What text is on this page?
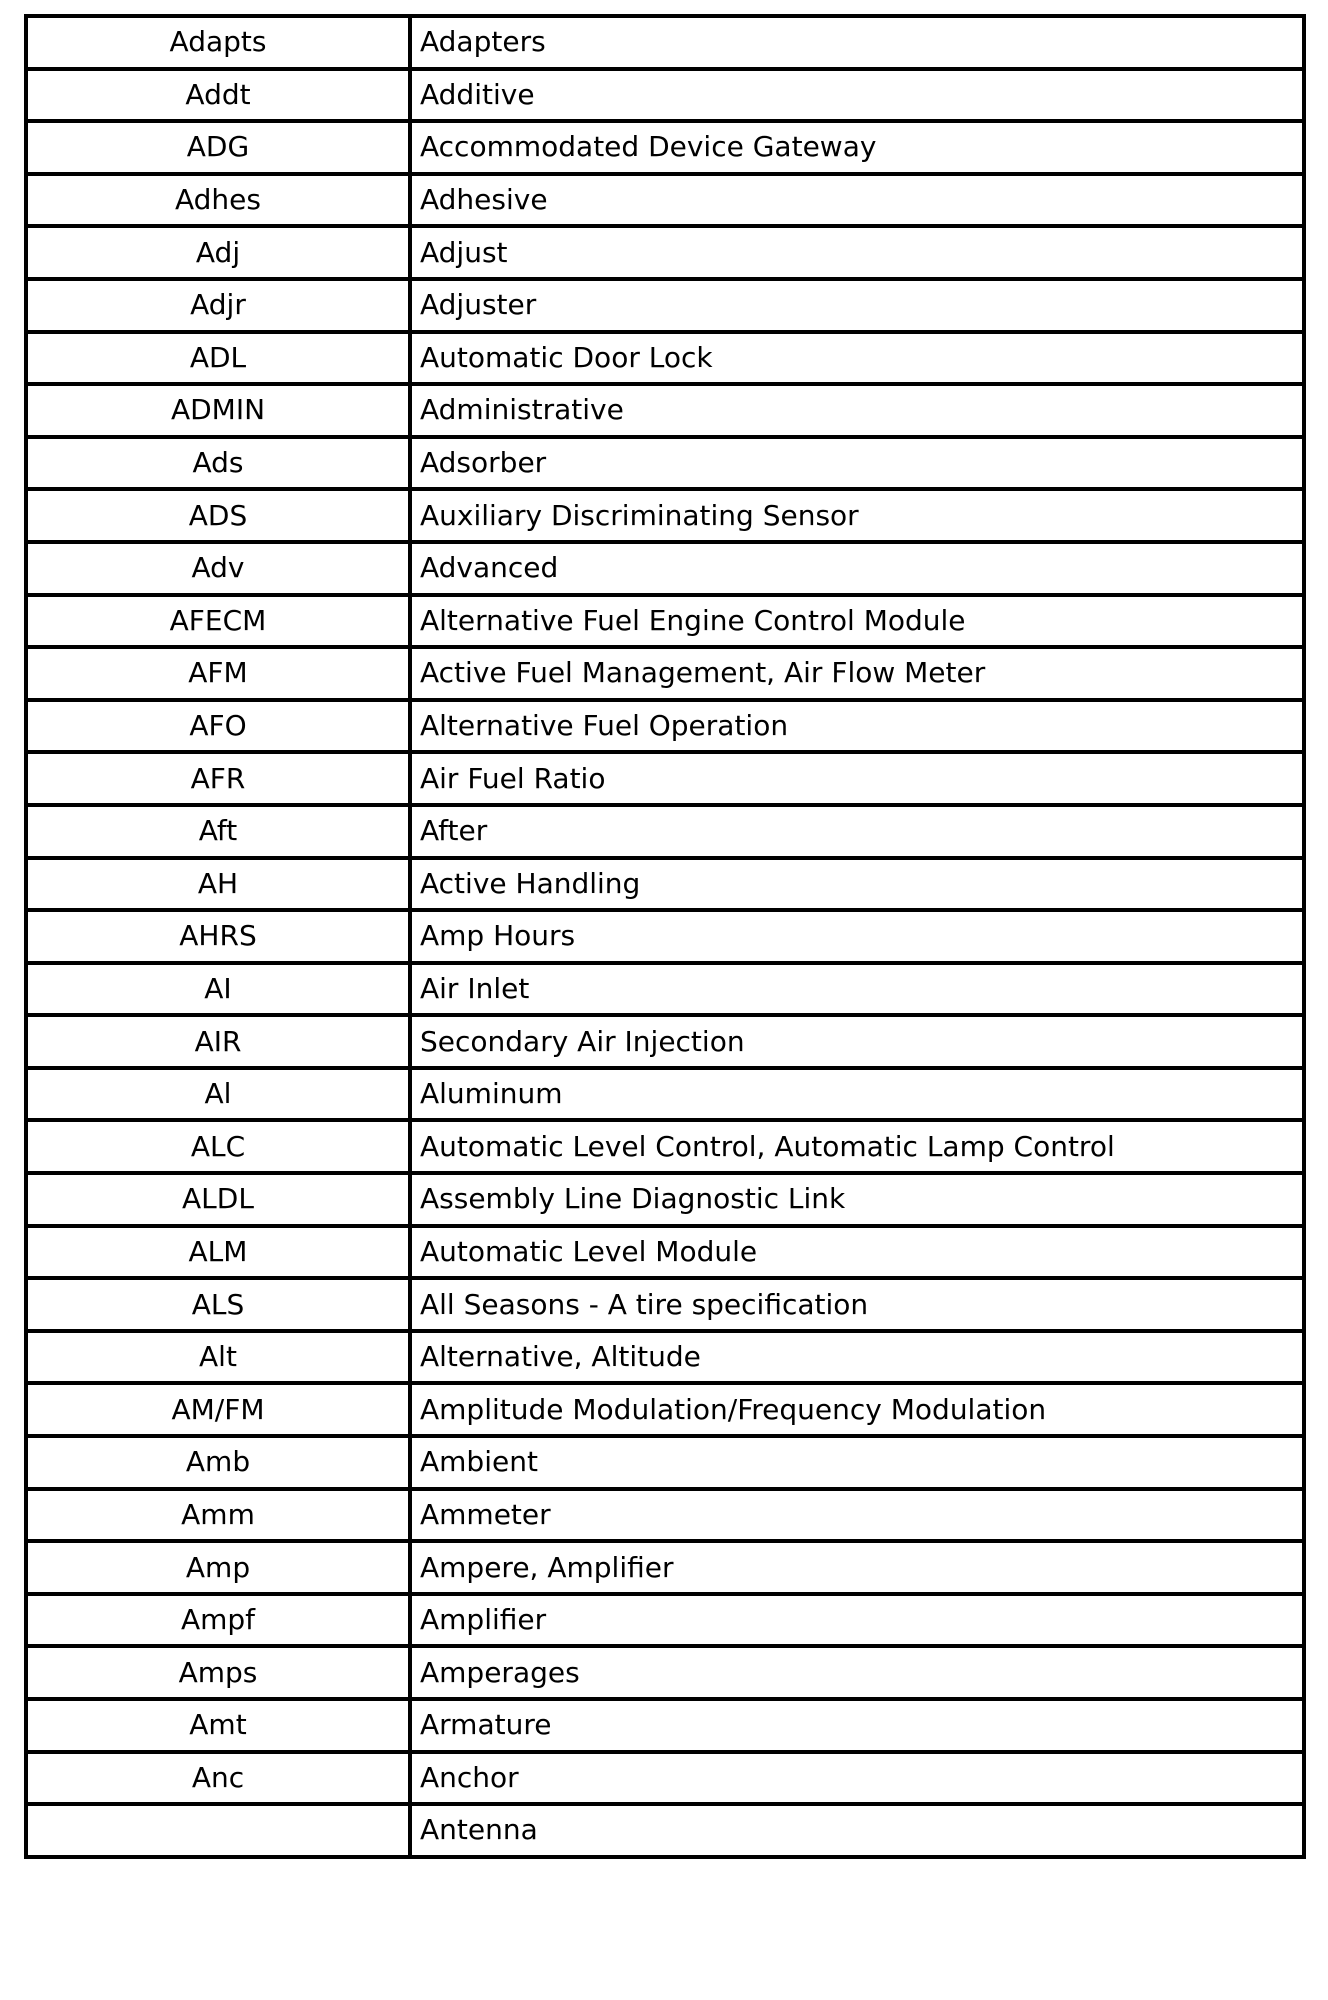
Adapts	Adapters
Addt	Additive
ADG	Accommodated Device Gateway
Adhes	Adhesive
Adj	Adjust
Adjr	Adjuster
ADL	Automatic Door Lock
ADMIN	Administrative
Ads	Adsorber
ADS	Auxiliary Discriminating Sensor
Adv	Advanced
AFECM	Alternative Fuel Engine Control Module
AFM	Active Fuel Management, Air Flow Meter
AFO	Alternative Fuel Operation
AFR	Air Fuel Ratio
Aft	After
AH	Active Handling
AHRS	Amp Hours
AI	Air Inlet
AIR	Secondary Air Injection
Al	Aluminum
ALC	Automatic Level Control, Automatic Lamp Control
ALDL	Assembly Line Diagnostic Link
ALM	Automatic Level Module
ALS	All Seasons - A tire specification
Alt	Alternative, Altitude
AM/FM	Amplitude Modulation/Frequency Modulation
Amb	Ambient
Amm	Ammeter
Amp	Ampere, Amplifier
Ampf	Amplifier
Amps	Amperages
Amt	Armature
Anc	Anchor
	Antenna
